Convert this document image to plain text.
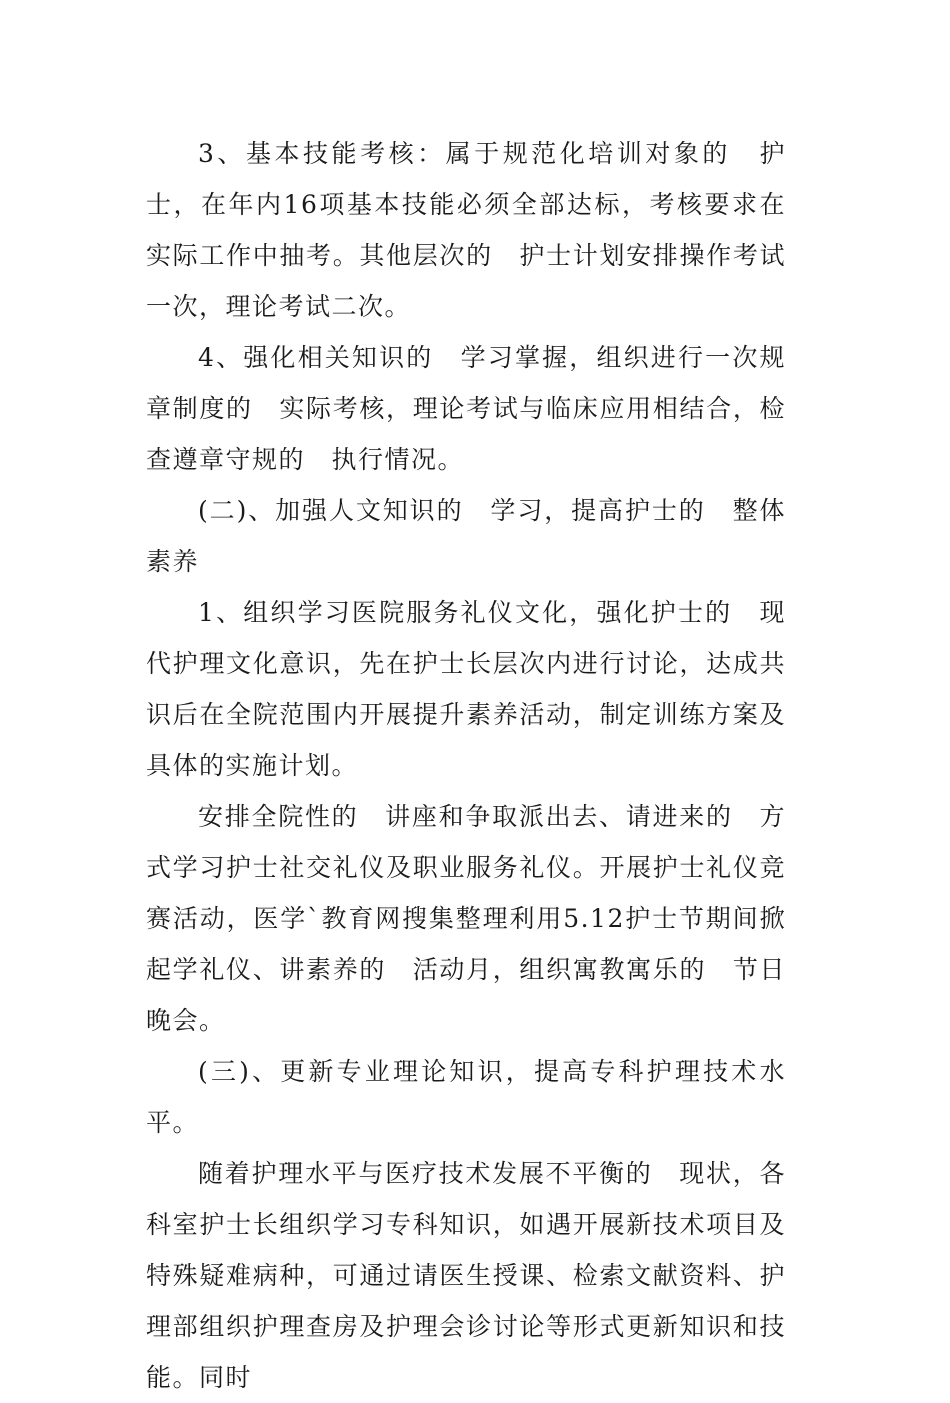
3、基本技能考核：属于规范化培训对象的　护士，在年内16项基本技能必须全部达标，考核要求在实际工作中抽考。其他层次的　护士计划安排操作考试一次，理论考试二次。

4、强化相关知识的　学习掌握，组织进行一次规章制度的　实际考核，理论考试与临床应用相结合，检查遵章守规的　执行情况。

(二)、加强人文知识的　学习，提高护士的　整体素养

1、组织学习医院服务礼仪文化，强化护士的　现代护理文化意识，先在护士长层次内进行讨论，达成共识后在全院范围内开展提升素养活动，制定训练方案及具体的实施计划。

安排全院性的　讲座和争取派出去、请进来的　方式学习护士社交礼仪及职业服务礼仪。开展护士礼仪竞赛活动，医学`教育网搜集整理利用5.12护士节期间掀起学礼仪、讲素养的　活动月，组织寓教寓乐的　节日晚会。

(三)、更新专业理论知识，提高专科护理技术水平。

随着护理水平与医疗技术发展不平衡的　现状，各科室护士长组织学习专科知识，如遇开展新技术项目及特殊疑难病种，可通过请医生授课、检索文献资料、护理部组织护理查房及护理会诊讨论等形式更新知识和技能。同时
